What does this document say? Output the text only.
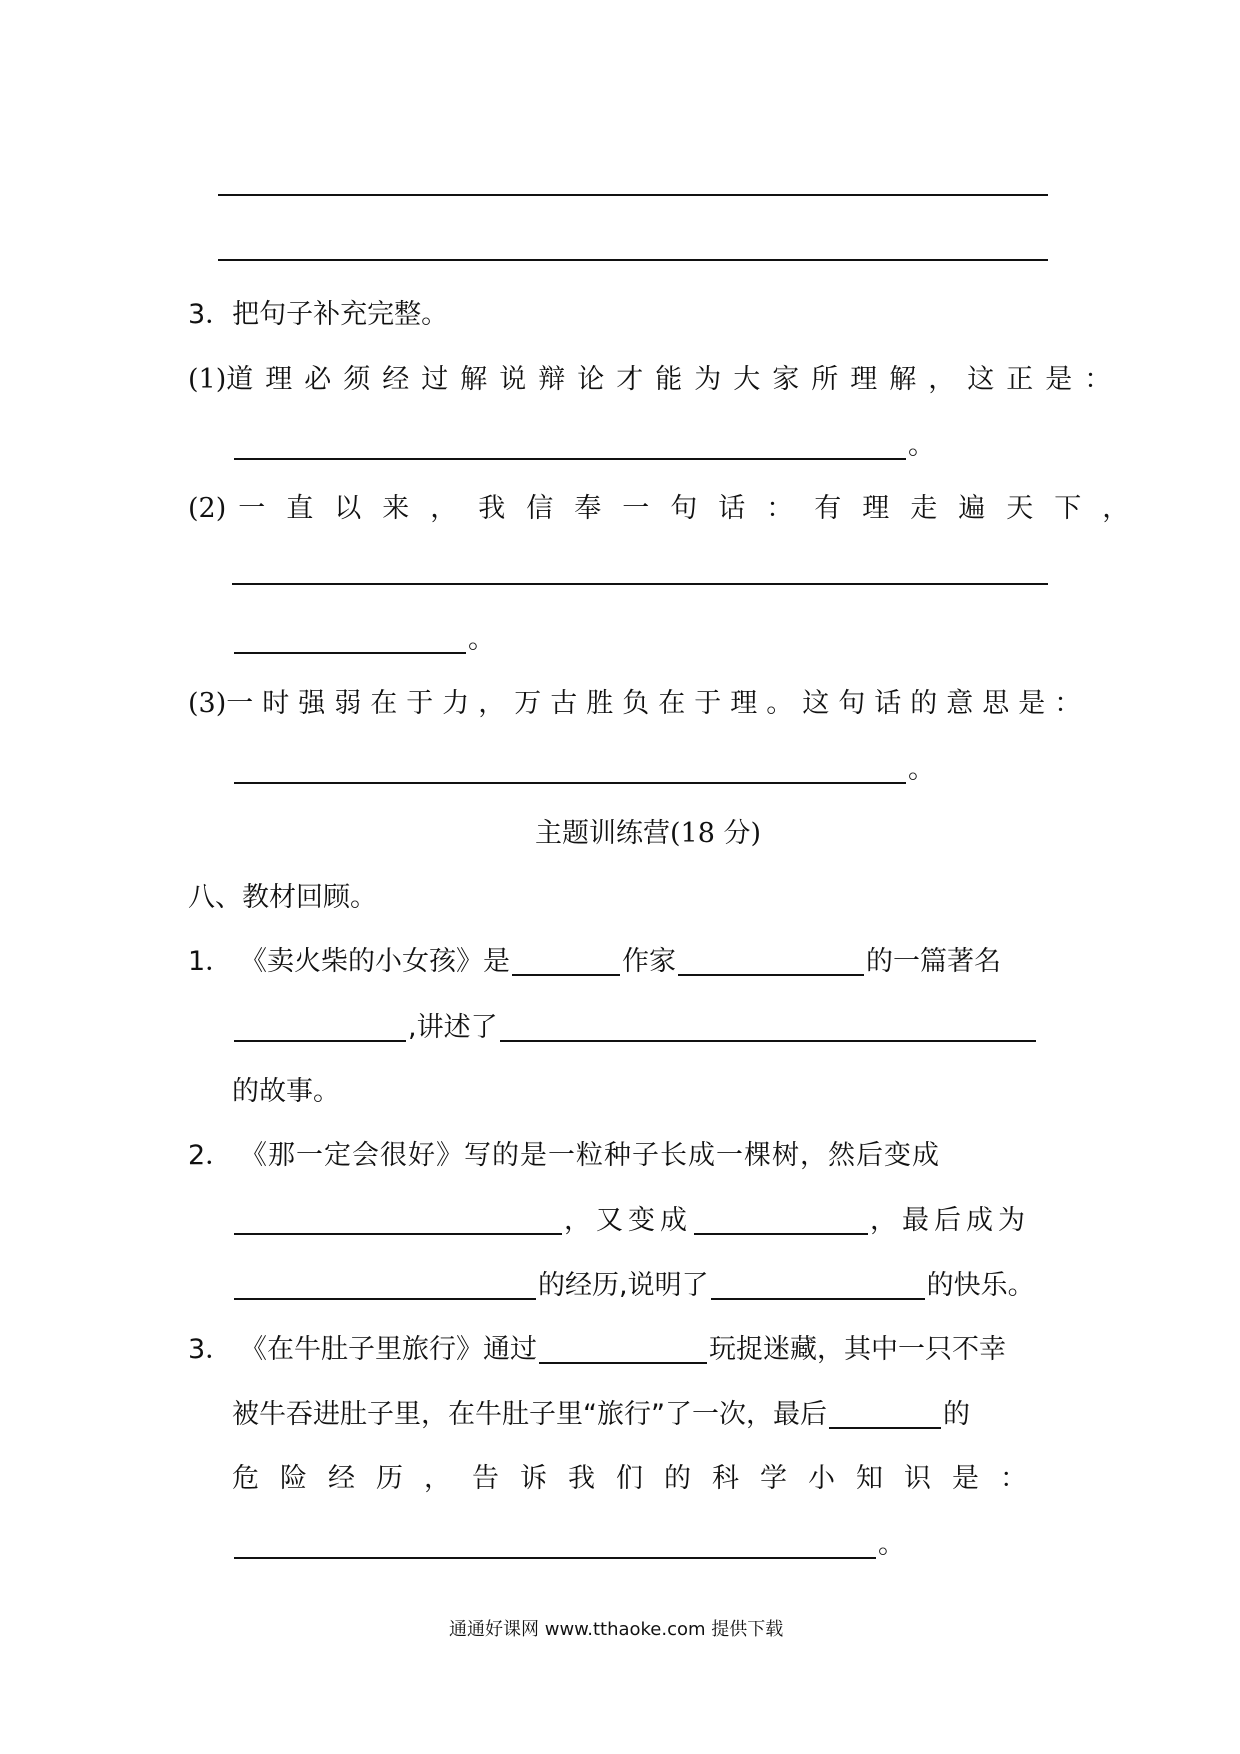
3．把句子补充完整。
(1)道理必须经过解说辩论才能为大家所理解，这正是：
。
(2) 一直以来，我信奉一句话：有理走遍天下，
。
(3)一时强弱在于力，万古胜负在于理。这句话的意思是：
。
主题训练营(18 分)
八、教材回顾。
1． 《卖火柴的小女孩》是	作家	的一篇著名
,讲述了
的故事。
2． 《那一定会很好》写的是一粒种子长成一棵树，然后变成
，又变成	，最后成为
的经历,说明了	的快乐。
3． 《在牛肚子里旅行》通过	玩捉迷藏，其中一只不幸
被牛吞进肚子里，在牛肚子里“旅行”了一次，最后	的
危险经历，告诉我们的科学小知识是：
。
通通好课网 www.tthaoke.com 提供下载
